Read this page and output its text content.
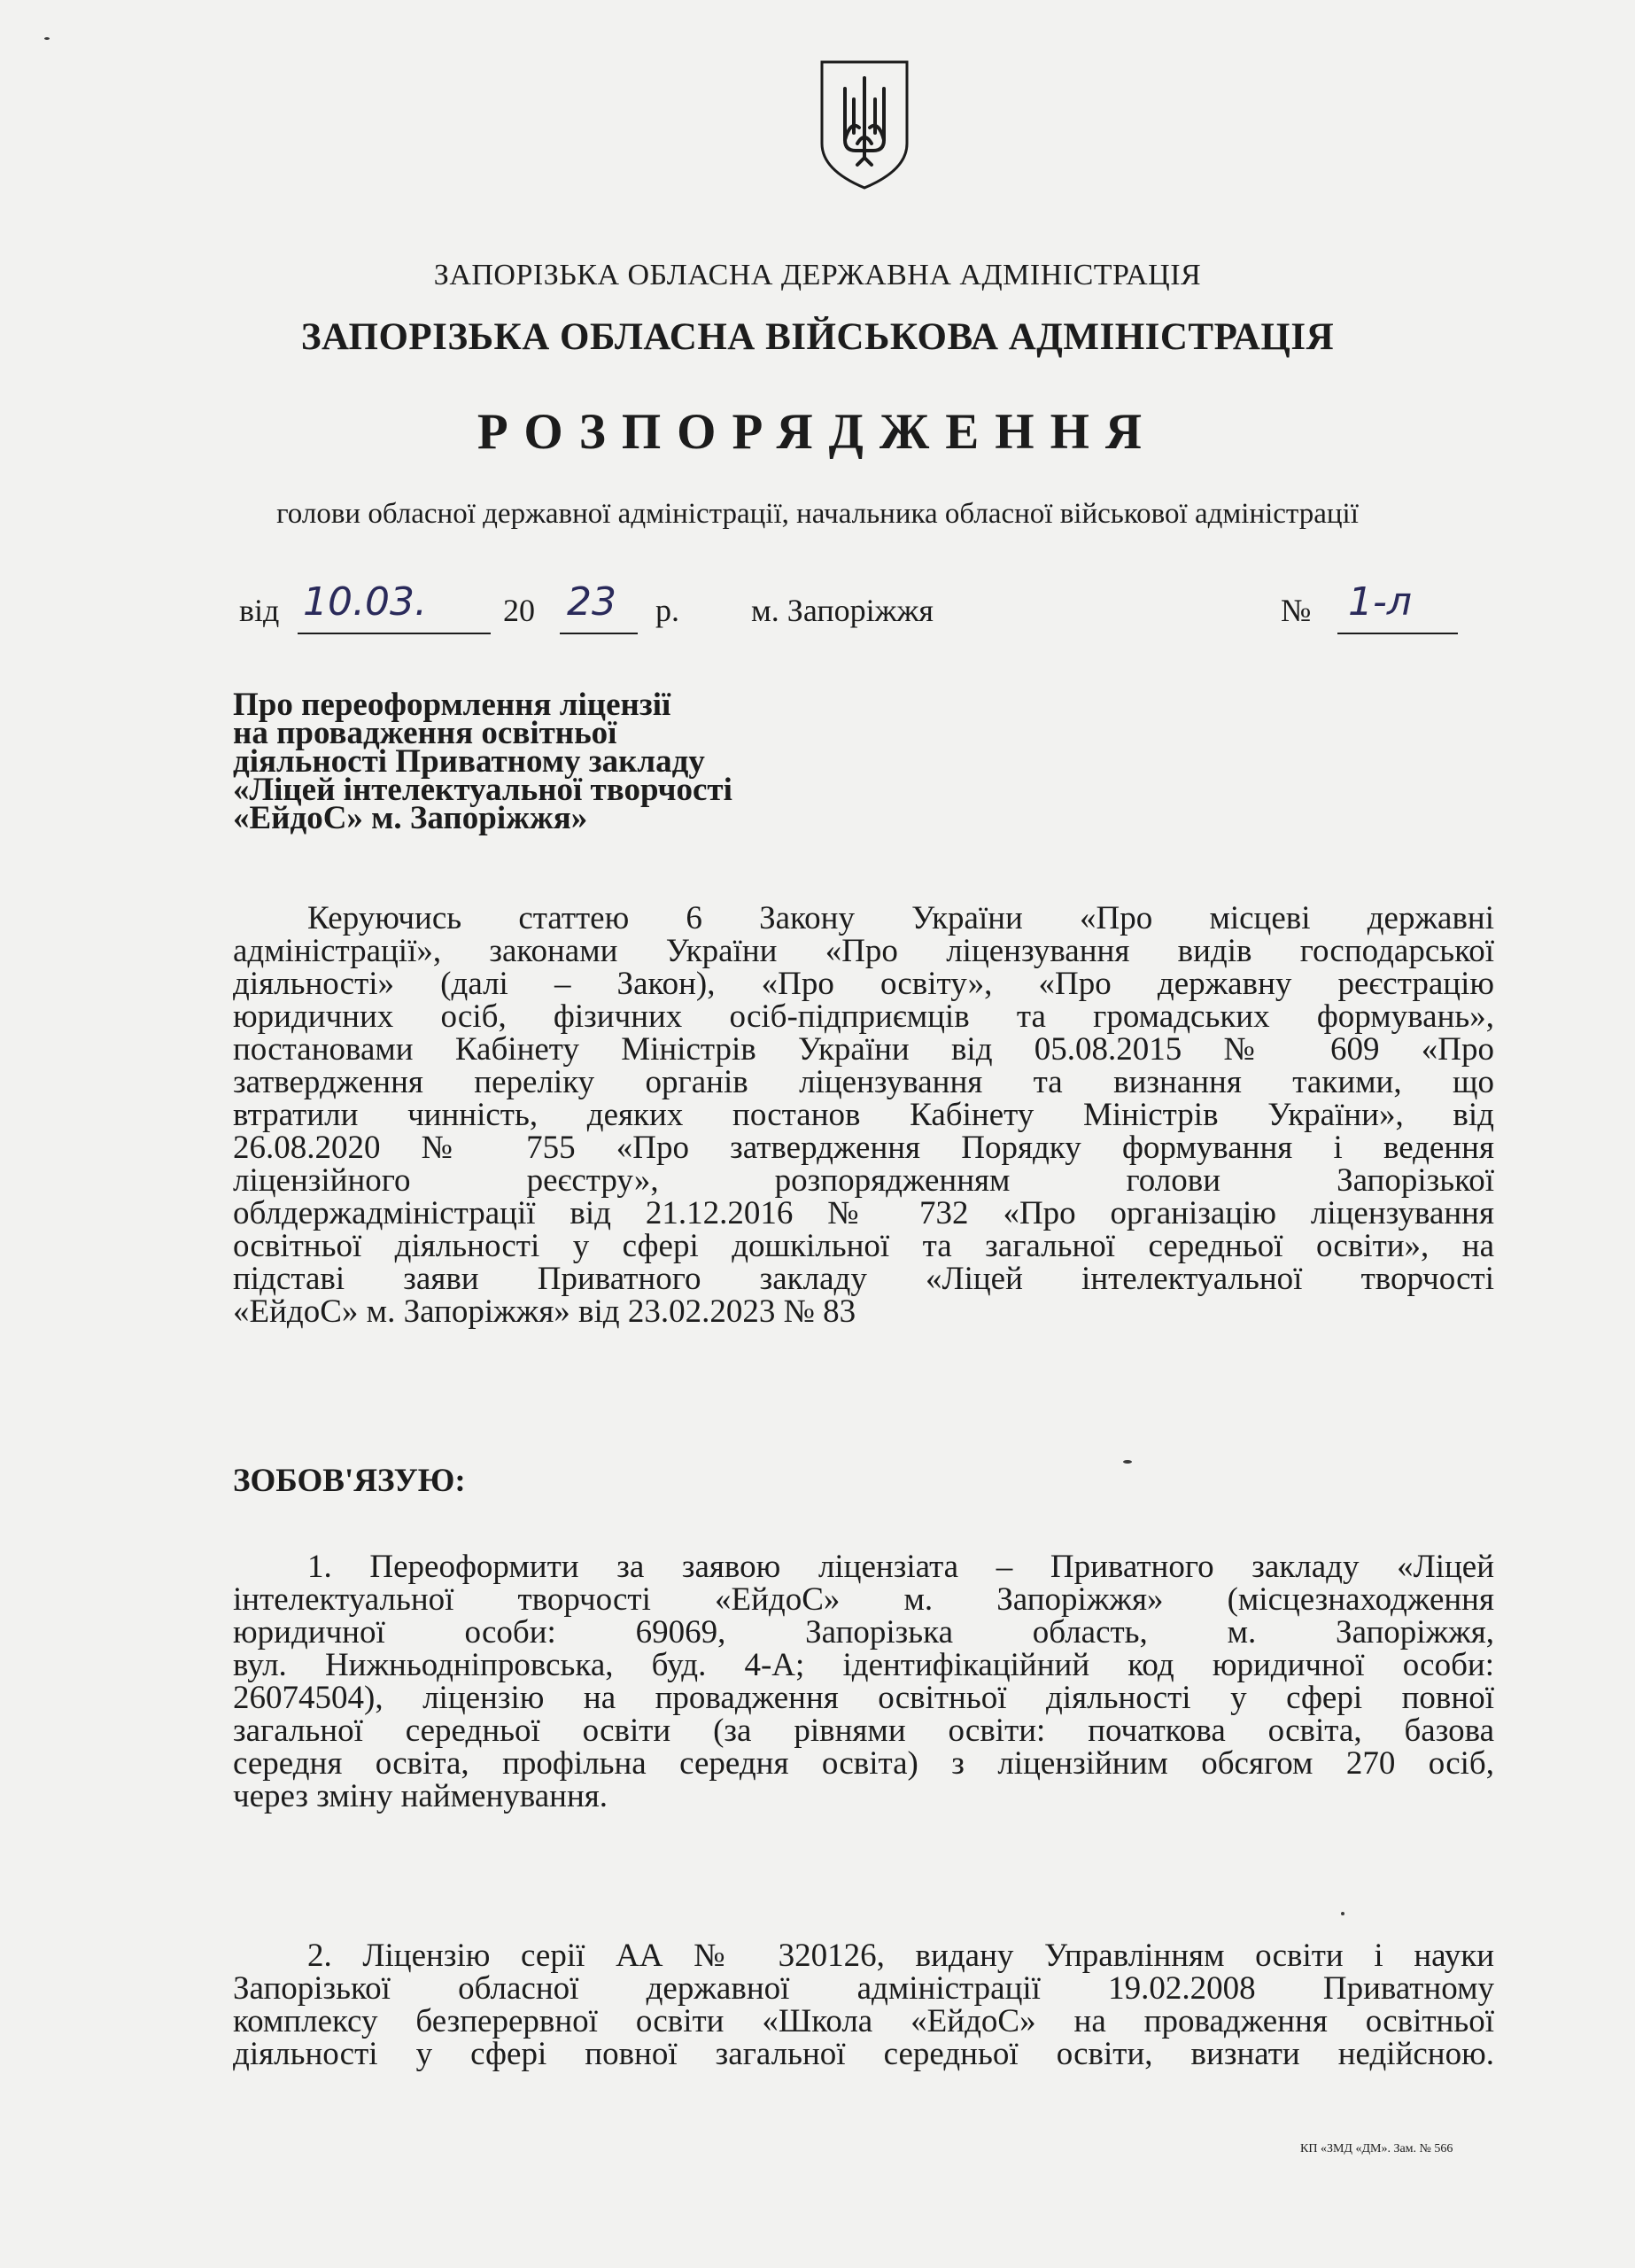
ЗАПОРІЗЬКА ОБЛАСНА ДЕРЖАВНА АДМІНІСТРАЦІЯ
ЗАПОРІЗЬКА ОБЛАСНА ВІЙСЬКОВА АДМІНІСТРАЦІЯ
РОЗПОРЯДЖЕННЯ
голови обласної державної адміністрації, начальника обласної військової адміністрації
від 10.03. 20 23 р. м. Запоріжжя	№ 1-л
Про переоформлення ліцензії
на провадження освітньої
діяльності Приватному закладу
«Ліцей інтелектуальної творчості
«ЕйдоС» м. Запоріжжя»
Керуючись статтею 6 Закону України «Про місцеві державні
адміністрації», законами України «Про ліцензування видів господарської
діяльності» (далі – Закон), «Про освіту», «Про державну реєстрацію
юридичних осіб, фізичних осіб-підприємців та громадських формувань»,
постановами Кабінету Міністрів України від 05.08.2015 № 609 «Про
затвердження переліку органів ліцензування та визнання такими, що
втратили чинність, деяких постанов Кабінету Міністрів України», від
26.08.2020 № 755 «Про затвердження Порядку формування і ведення
ліцензійного реєстру», розпорядженням голови Запорізької
облдержадміністрації від 21.12.2016 № 732 «Про організацію ліцензування
освітньої діяльності у сфері дошкільної та загальної середньої освіти», на
підставі заяви Приватного закладу «Ліцей інтелектуальної творчості
«ЕйдоС» м. Запоріжжя» від 23.02.2023 № 83
ЗОБОВ'ЯЗУЮ:
1. Переоформити за заявою ліцензіата – Приватного закладу «Ліцей
інтелектуальної творчості «ЕйдоС» м. Запоріжжя» (місцезнаходження
юридичної особи: 69069, Запорізька область, м. Запоріжжя,
вул. Нижньодніпровська, буд. 4-А; ідентифікаційний код юридичної особи:
26074504), ліцензію на провадження освітньої діяльності у сфері повної
загальної середньої освіти (за рівнями освіти: початкова освіта, базова
середня освіта, профільна середня освіта) з ліцензійним обсягом 270 осіб,
через зміну найменування.
2. Ліцензію серії АА № 320126, видану Управлінням освіти і науки
Запорізької обласної державної адміністрації 19.02.2008 Приватному
комплексу безперервної освіти «Школа «ЕйдоС» на провадження освітньої
діяльності у сфері повної загальної середньої освіти, визнати недійсною.
КП «ЗМД «ДМ». Зам. № 566
